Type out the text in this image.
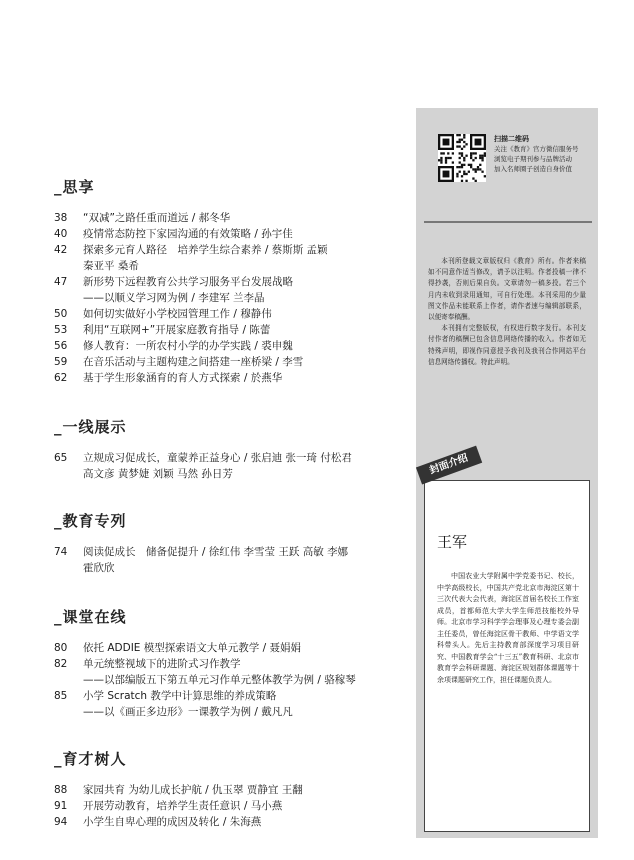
_思享
38	“双减”之路任重而道远 / 郝冬华
40	疫情常态防控下家园沟通的有效策略 / 孙宇佳
42	探索多元育人路径　培养学生综合素养 / 蔡斯斯 孟颖
秦亚平 桑希
47	新形势下远程教育公共学习服务平台发展战略
——以顺义学习网为例 / 李建军 兰李晶
50	如何切实做好小学校园管理工作 / 穆静伟
53	利用“互联网+”开展家庭教育指导 / 陈蕾
56	修人教育：一所农村小学的办学实践 / 裘申魏
59	在音乐活动与主题构建之间搭建一座桥梁 / 李雪
62	基于学生形象涵育的育人方式探索 / 於燕华
_一线展示
65	立规成习促成长，童蒙养正益身心 / 张启迪 张一琦 付松君
高文彦 黄梦婕 刘颖 马然 孙日芳
_教育专列
74	阅读促成长　储备促提升 / 徐红伟 李雪莹 王跃 高敏 李娜
霍欣欣
_课堂在线
80	依托 ADDIE 模型探索语文大单元教学 / 聂娟娟
82	单元统整视域下的进阶式习作教学
——以部编版五下第五单元习作单元整体教学为例 / 骆稼琴
85	小学 Scratch 教学中计算思维的养成策略
——以《画正多边形》一课教学为例 / 戴凡凡
_育才树人
88	家园共育 为幼儿成长护航 / 仇玉翠 贾静宜 王翻
91	开展劳动教育，培养学生责任意识 / 马小燕
94	小学生自卑心理的成因及转化 / 朱海燕
扫描二维码
关注《教育》官方微信服务号
浏览电子期刊参与品牌活动
加入名师圈子创造自身价值

本刊所登载文章版权归《教育》所有。作者来稿如不同意作适当修改，请予以注明。作者投稿一律不得抄袭，否则后果自负。文章请勿一稿多投。若三个月内未收到录用通知，可自行处理。本刊采用的少量图文作品未能联系上作者，请作者速与编辑部联系，以便寄奉稿酬。

本刊拥有完整版权，有权进行数字发行。本刊支付作者的稿酬已包含信息网络传播的收入。作者如无特殊声明，即视作同意授予我刊及我刊合作网站平台信息网络传播权。特此声明。

封面介绍
王军
中国农业大学附属中学党委书记、校长，中学高级校长，中国共产党北京市海淀区第十三次代表大会代表，海淀区首届名校长工作室成员，首都师范大学大学生师范技能校外导师。北京市学习科学学会理事及心理专委会副主任委员，曾任海淀区骨干教师、中学语文学科带头人。先后主持教育部深度学习项目研究、中国教育学会“十三五”教育科研、北京市教育学会科研课题、海淀区规划群体课题等十余项课题研究工作，担任课题负责人。
